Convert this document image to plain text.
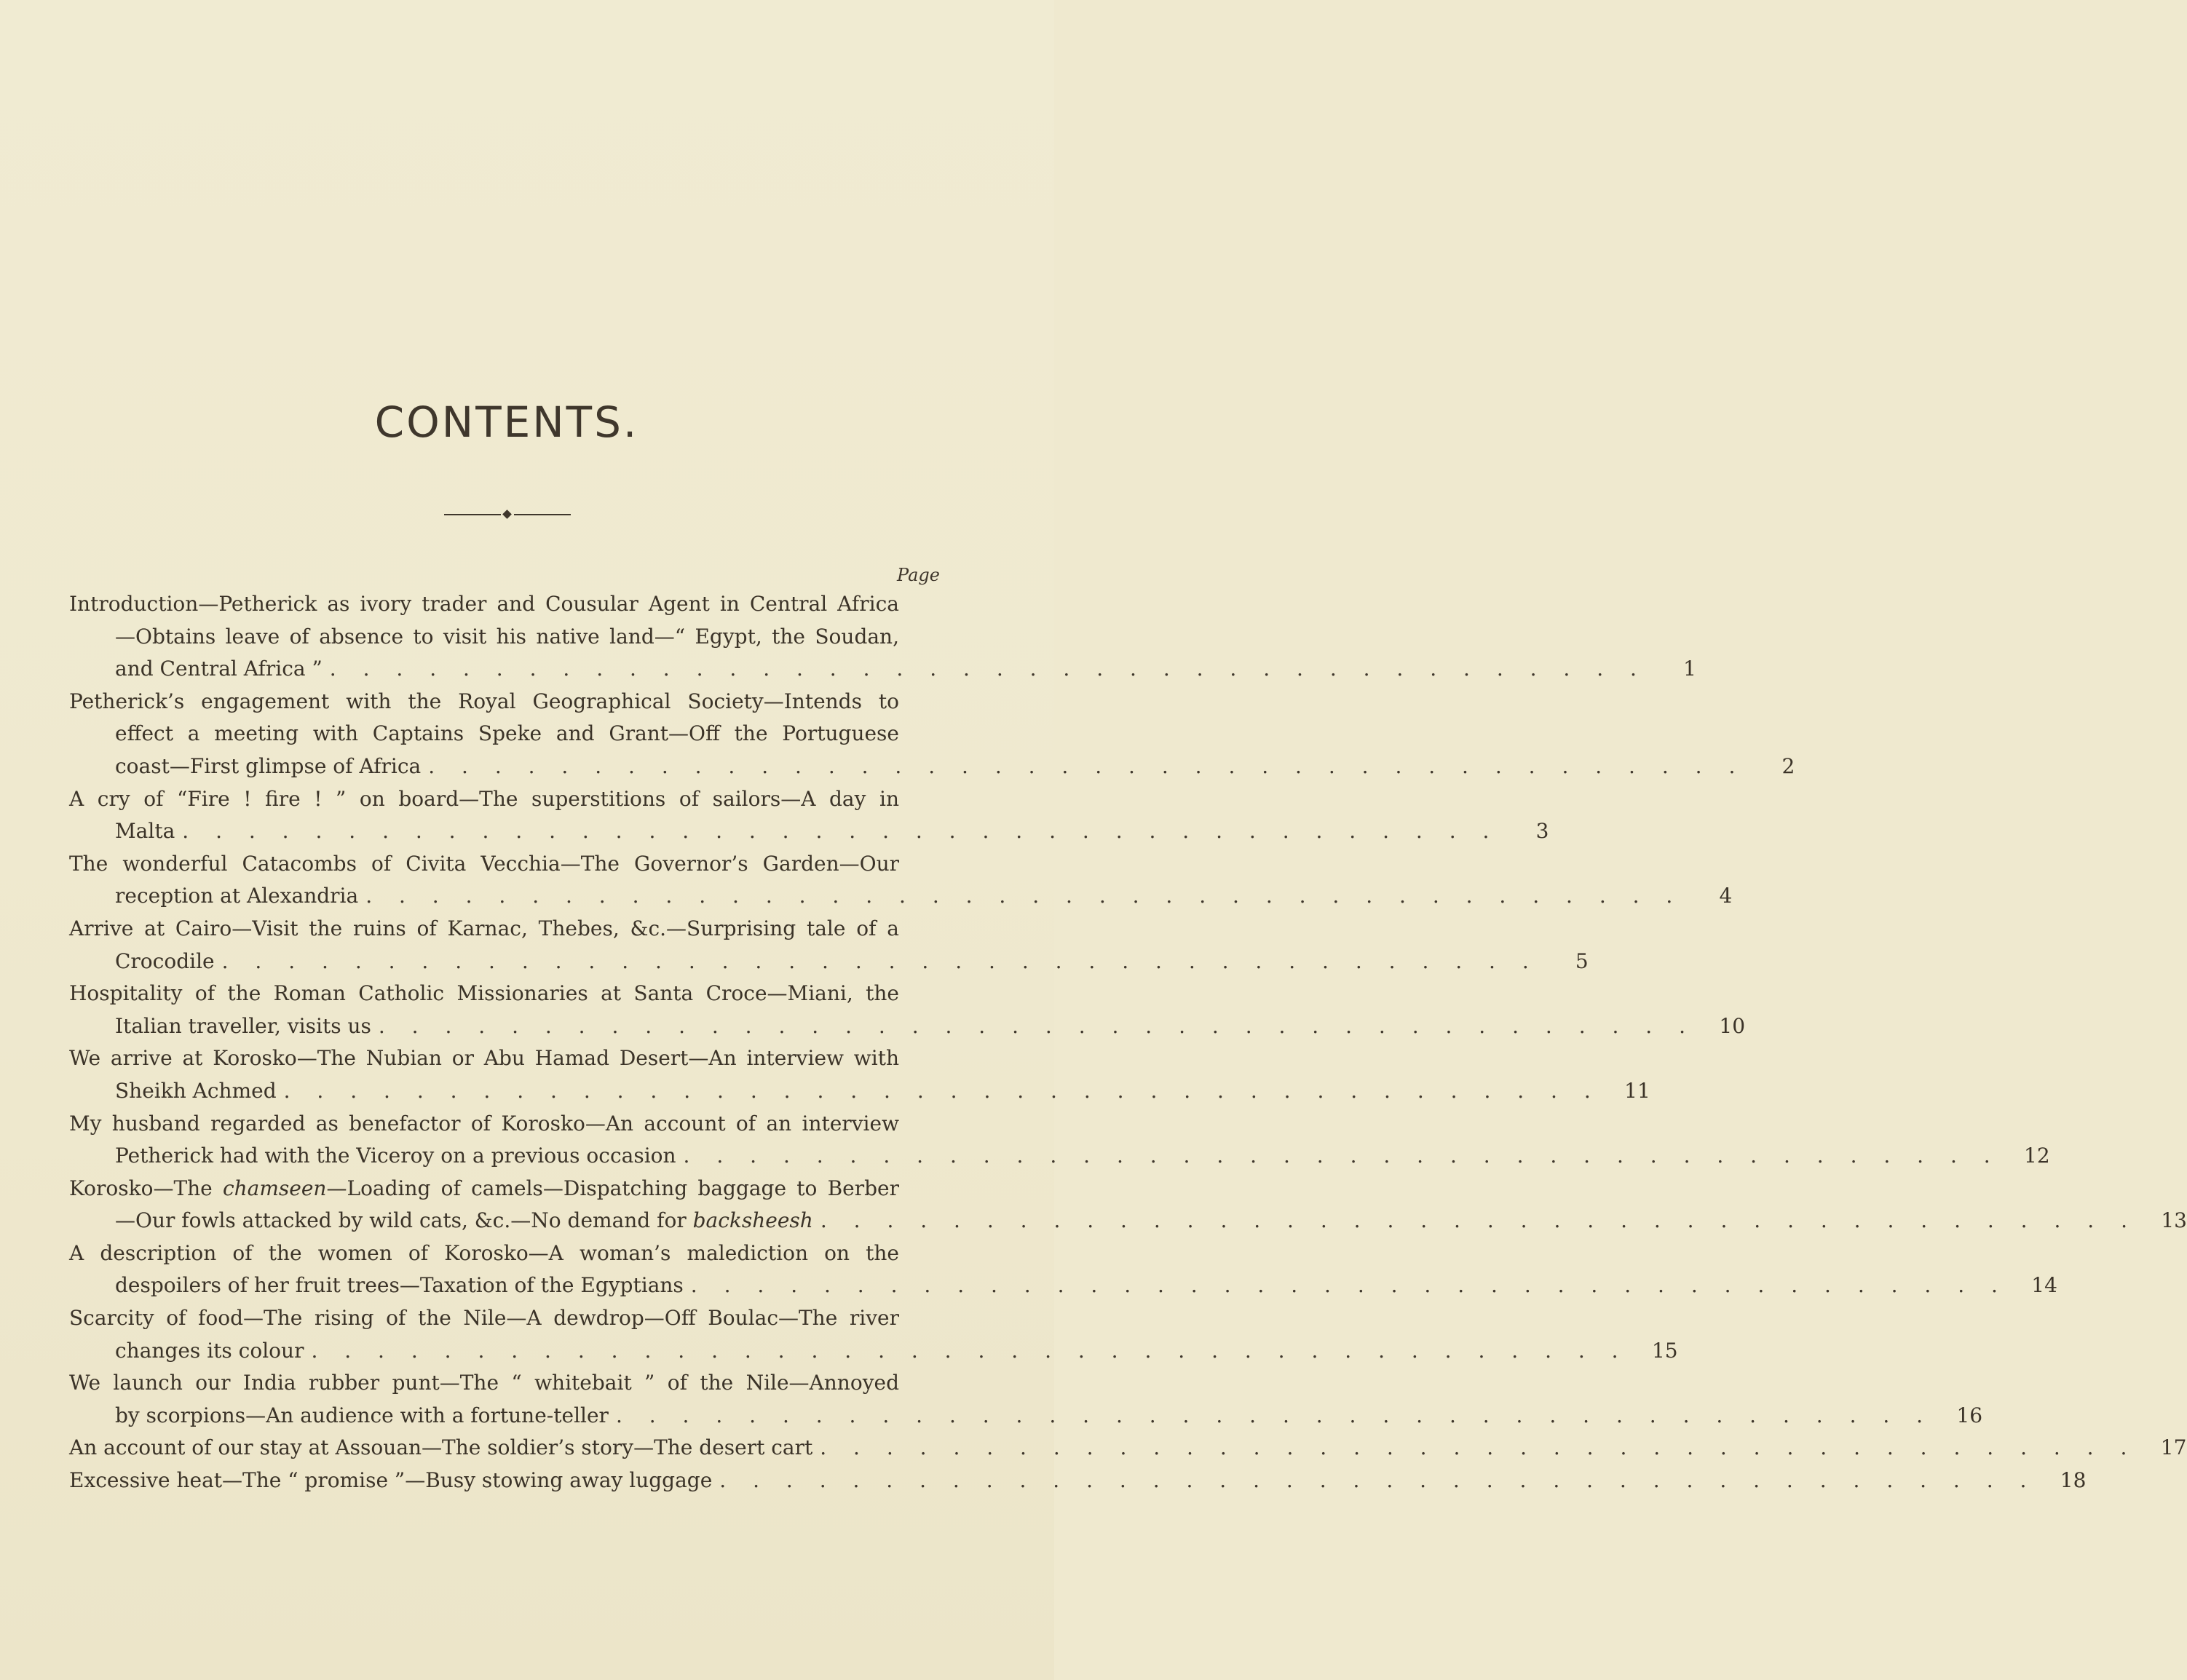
CONTENTS.
Page
Introduction—Petherick as ivory trader and Cousular Agent in Central Africa
—Obtains leave of absence to visit his native land—“ Egypt, the Soudan,
and Central Africa ” . . . . . . . . . . . . . . . . . . . . . . . . . . . . . . . . . . . . . . . .	1
Petherick’s engagement with the Royal Geographical Society—Intends to
effect a meeting with Captains Speke and Grant—Off the Portuguese
coast—First glimpse of Africa . . . . . . . . . . . . . . . . . . . . . . . . . . . . . . . . . . . . . . . .	2
A cry of “Fire ! fire ! ” on board—The superstitions of sailors—A day in
Malta . . . . . . . . . . . . . . . . . . . . . . . . . . . . . . . . . . . . . . . .	3
The wonderful Catacombs of Civita Vecchia—The Governor’s Garden—Our
reception at Alexandria . . . . . . . . . . . . . . . . . . . . . . . . . . . . . . . . . . . . . . . .	4
Arrive at Cairo—Visit the ruins of Karnac, Thebes, &c.—Surprising tale of a
Crocodile . . . . . . . . . . . . . . . . . . . . . . . . . . . . . . . . . . . . . . . .	5
Hospitality of the Roman Catholic Missionaries at Santa Croce—Miani, the
Italian traveller, visits us . . . . . . . . . . . . . . . . . . . . . . . . . . . . . . . . . . . . . . . .	10
We arrive at Korosko—The Nubian or Abu Hamad Desert—An interview with
Sheikh Achmed . . . . . . . . . . . . . . . . . . . . . . . . . . . . . . . . . . . . . . . .	11
My husband regarded as benefactor of Korosko—An account of an interview
Petherick had with the Viceroy on a previous occasion . . . . . . . . . . . . . . . . . . . . . . . . . . . . . . . . . . . . . . . .	12
Korosko—The chamseen—Loading of camels—Dispatching baggage to Berber
—Our fowls attacked by wild cats, &c.—No demand for backsheesh . . . . . . . . . . . . . . . . . . . . . . . . . . . . . . . . . . . . . . . .	13
A description of the women of Korosko—A woman’s malediction on the
despoilers of her fruit trees—Taxation of the Egyptians . . . . . . . . . . . . . . . . . . . . . . . . . . . . . . . . . . . . . . . .	14
Scarcity of food—The rising of the Nile—A dewdrop—Off Boulac—The river
changes its colour . . . . . . . . . . . . . . . . . . . . . . . . . . . . . . . . . . . . . . . .	15
We launch our India rubber punt—The “ whitebait ” of the Nile—Annoyed
by scorpions—An audience with a fortune-teller . . . . . . . . . . . . . . . . . . . . . . . . . . . . . . . . . . . . . . . .	16
An account of our stay at Assouan—The soldier’s story—The desert cart . . . . . . . . . . . . . . . . . . . . . . . . . . . . . . . . . . . . . . . .	17
Excessive heat—The “ promise ”—Busy stowing away luggage . . . . . . . . . . . . . . . . . . . . . . . . . . . . . . . . . . . . . . . .	18
